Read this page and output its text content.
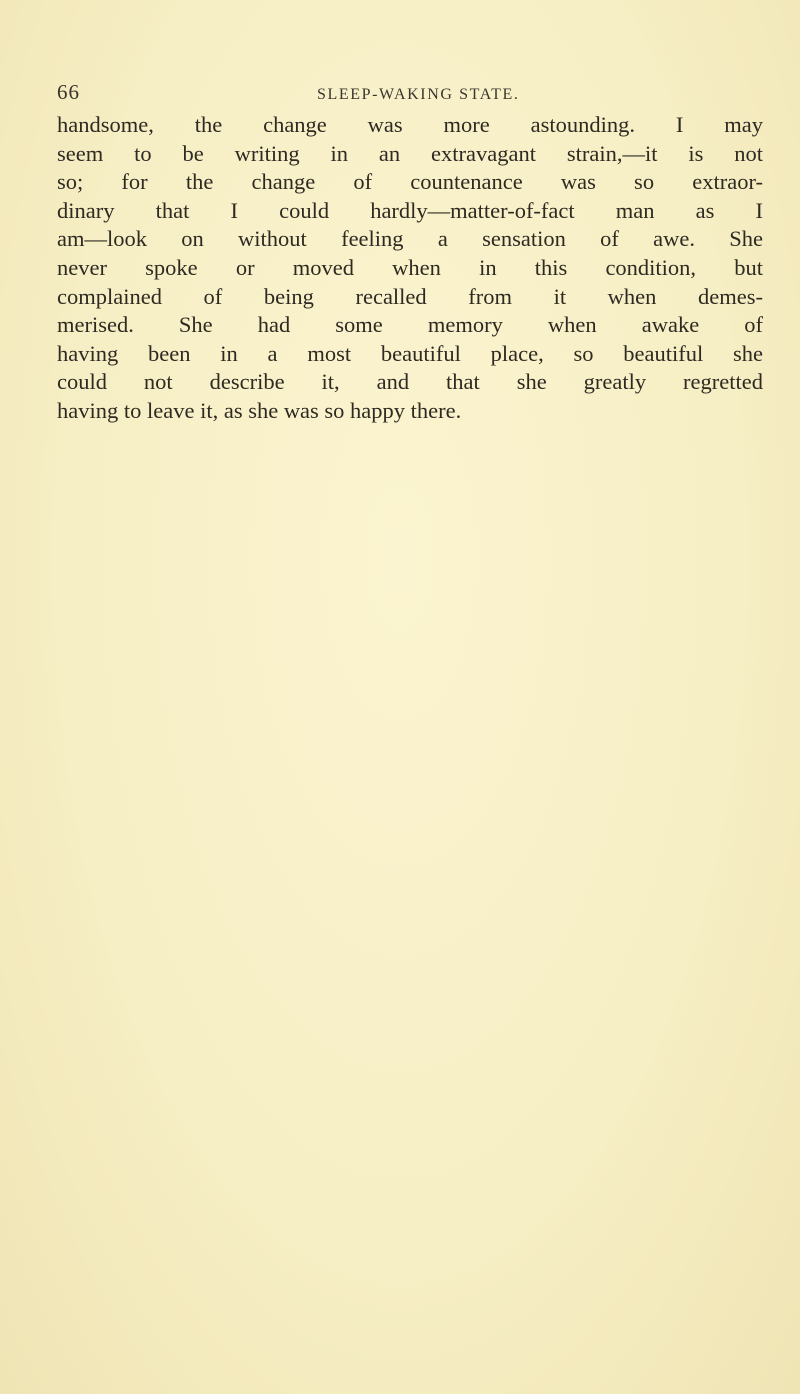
66	SLEEP-WAKING STATE.
handsome, the change was more astounding. I may
seem to be writing in an extravagant strain,—it is not
so; for the change of countenance was so extraor-
dinary that I could hardly—matter-of-fact man as I
am—look on without feeling a sensation of awe. She
never spoke or moved when in this condition, but
complained of being recalled from it when demes-
merised. She had some memory when awake of
having been in a most beautiful place, so beautiful she
could not describe it, and that she greatly regretted
having to leave it, as she was so happy there.
